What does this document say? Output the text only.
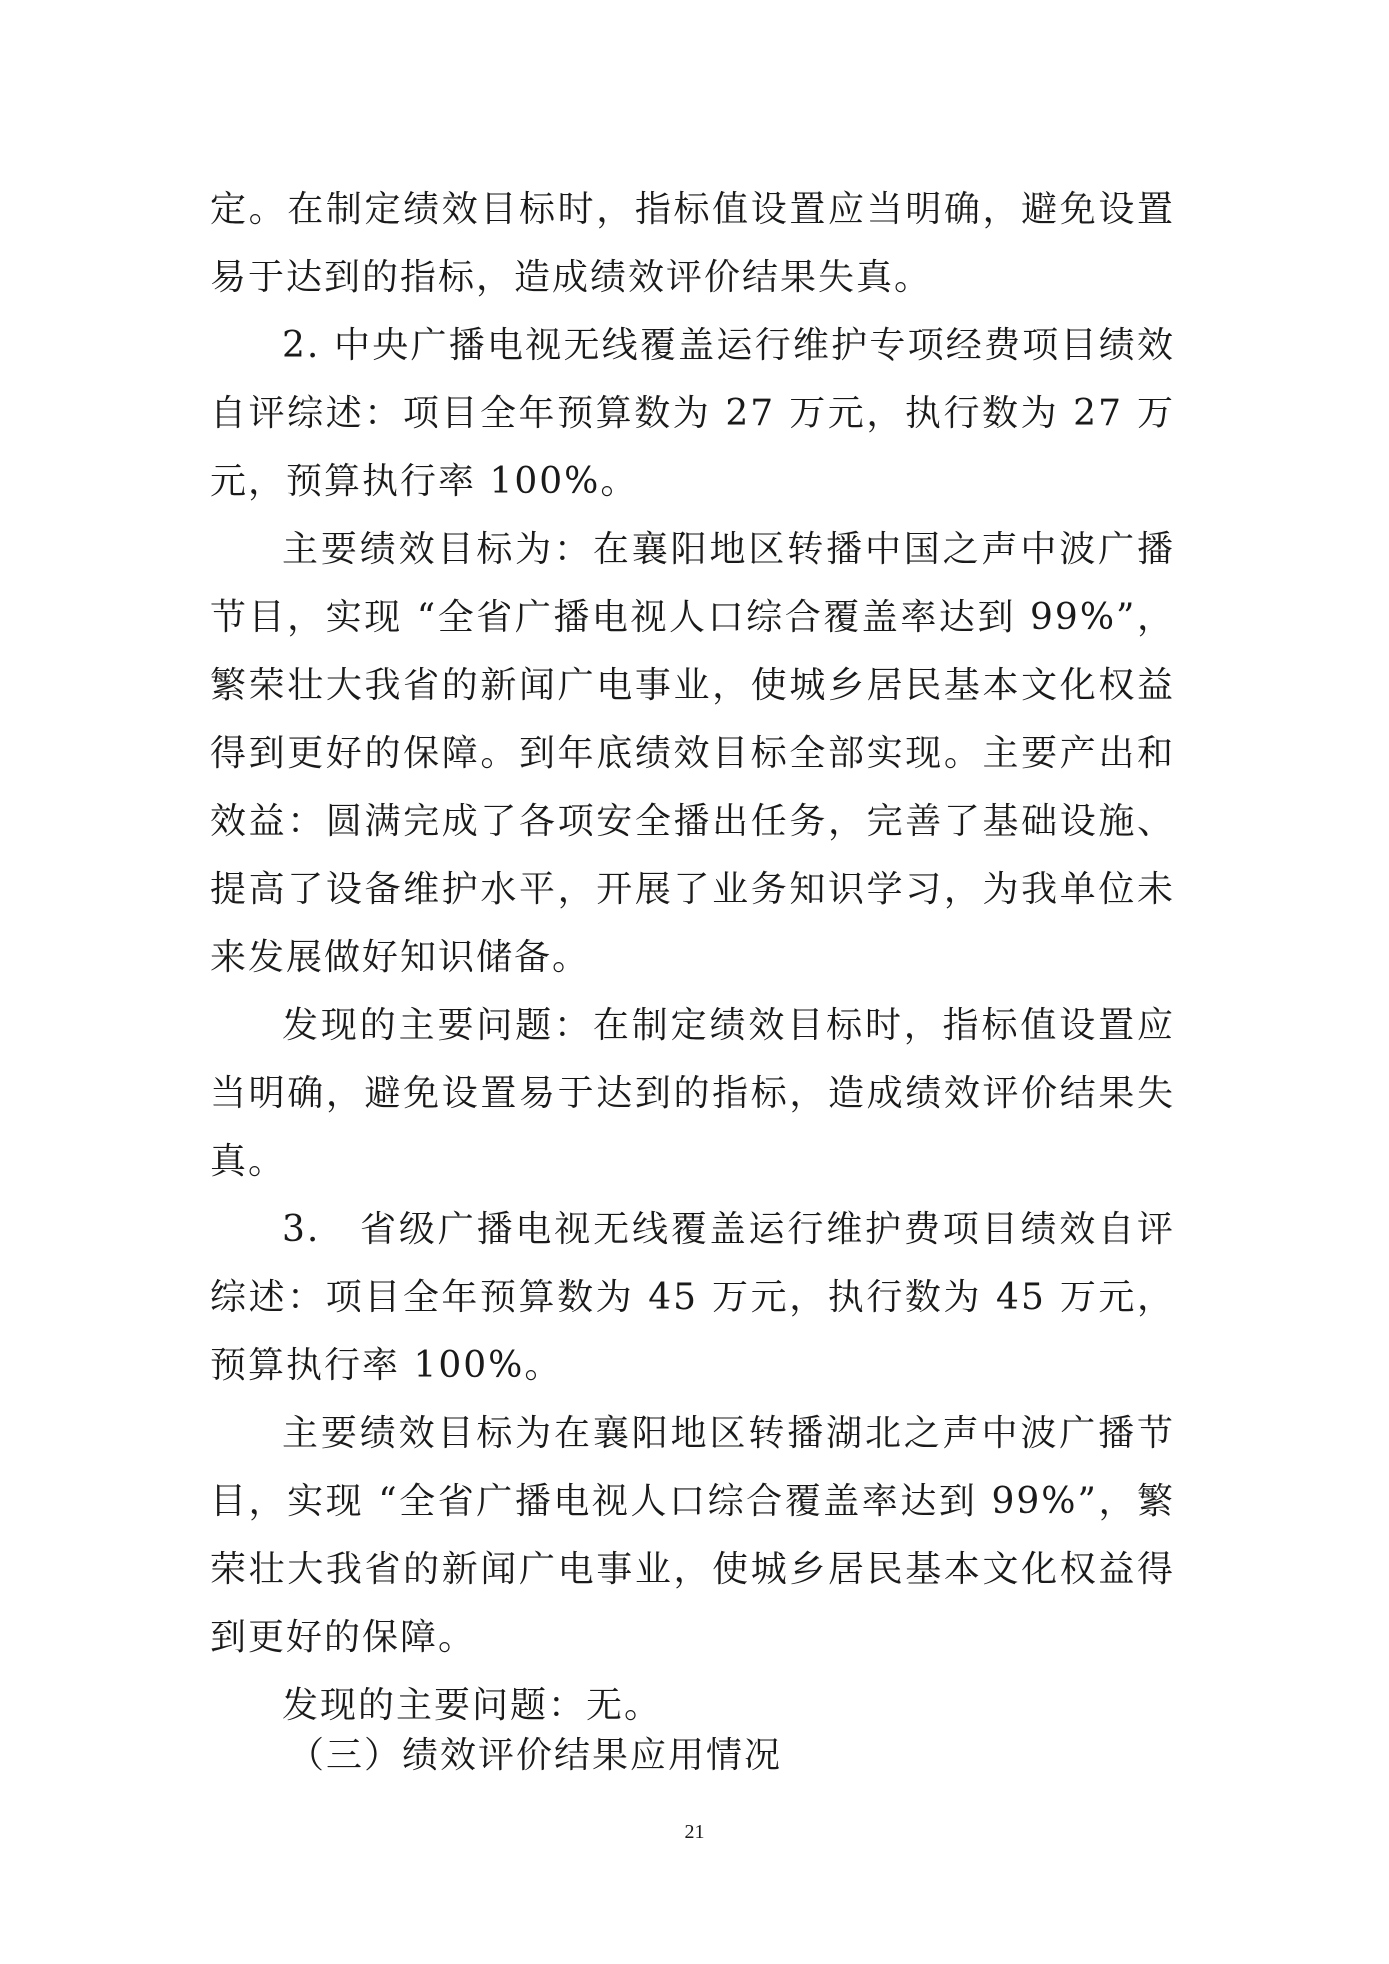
定。在制定绩效目标时，指标值设置应当明确，避免设置易于达到的指标，造成绩效评价结果失真。

2. 中央广播电视无线覆盖运行维护专项经费项目绩效自评综述：项目全年预算数为 27 万元，执行数为 27 万元，预算执行率 100%。

主要绩效目标为：在襄阳地区转播中国之声中波广播节目，实现 “全省广播电视人口综合覆盖率达到 99%”，繁荣壮大我省的新闻广电事业，使城乡居民基本文化权益得到更好的保障。到年底绩效目标全部实现。主要产出和效益：圆满完成了各项安全播出任务，完善了基础设施、提高了设备维护水平，开展了业务知识学习，为我单位未来发展做好知识储备。

发现的主要问题：在制定绩效目标时，指标值设置应当明确，避免设置易于达到的指标，造成绩效评价结果失真。

3.　省级广播电视无线覆盖运行维护费项目绩效自评综述：项目全年预算数为 45 万元，执行数为 45 万元，预算执行率 100%。

主要绩效目标为在襄阳地区转播湖北之声中波广播节目，实现 “全省广播电视人口综合覆盖率达到 99%”，繁荣壮大我省的新闻广电事业，使城乡居民基本文化权益得到更好的保障。

发现的主要问题：无。

（三）绩效评价结果应用情况
21
